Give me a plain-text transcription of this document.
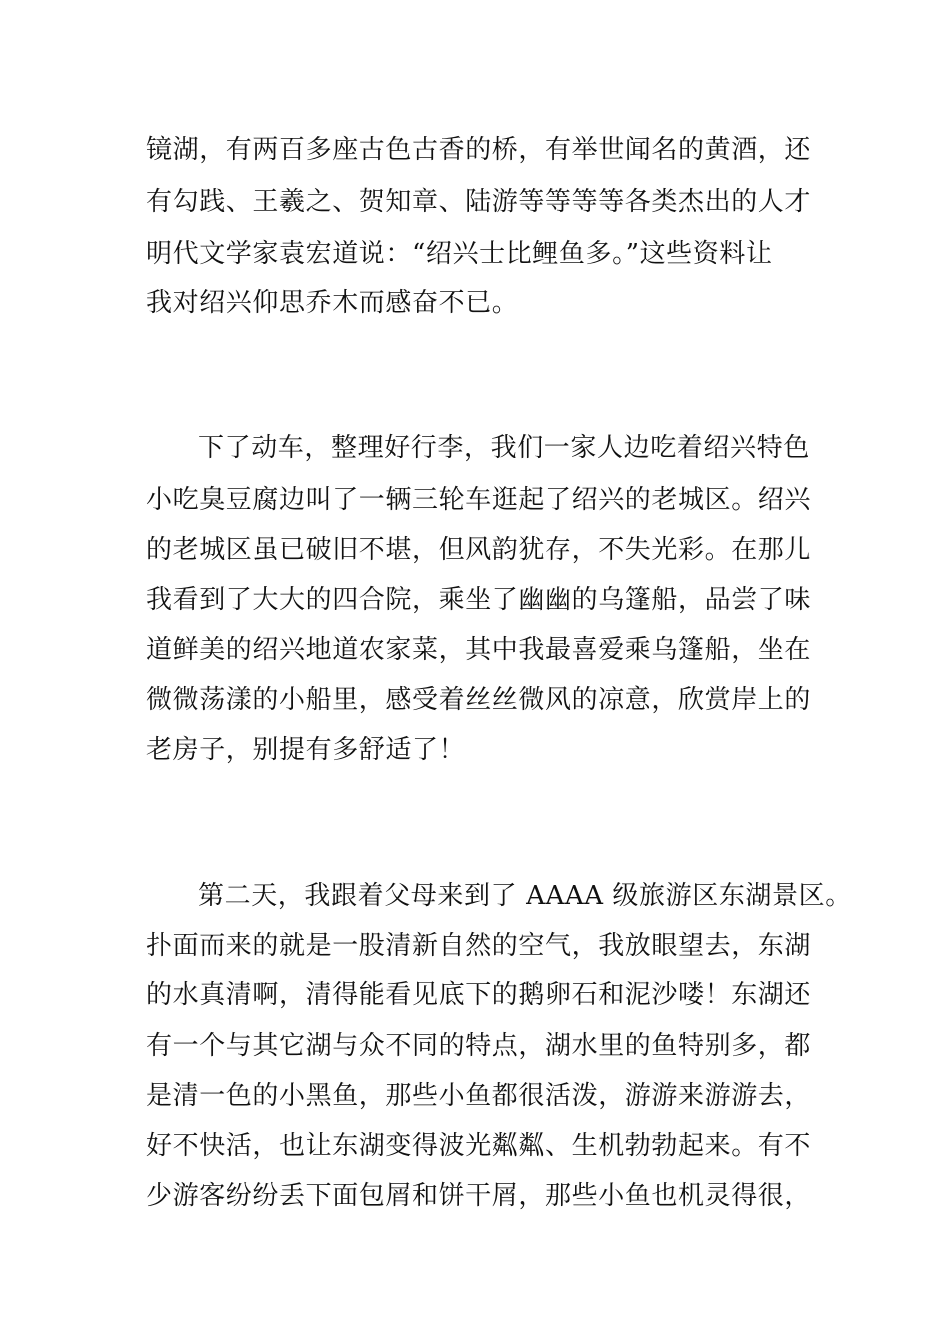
镜湖，有两百多座古色古香的桥，有举世闻名的黄酒，还
有勾践、王羲之、贺知章、陆游等等等等各类杰出的人才
明代文学家袁宏道说：“绍兴士比鲤鱼多。”这些资料让
我对绍兴仰思乔木而感奋不已。
下了动车，整理好行李，我们一家人边吃着绍兴特色
小吃臭豆腐边叫了一辆三轮车逛起了绍兴的老城区。绍兴
的老城区虽已破旧不堪，但风韵犹存，不失光彩。在那儿
我看到了大大的四合院，乘坐了幽幽的乌篷船，品尝了味
道鲜美的绍兴地道农家菜，其中我最喜爱乘乌篷船，坐在
微微荡漾的小船里，感受着丝丝微风的凉意，欣赏岸上的
老房子，别提有多舒适了！
第二天，我跟着父母来到了 AAAA 级旅游区东湖景区。
扑面而来的就是一股清新自然的空气，我放眼望去，东湖
的水真清啊，清得能看见底下的鹅卵石和泥沙喽！东湖还
有一个与其它湖与众不同的特点，湖水里的鱼特别多，都
是清一色的小黑鱼，那些小鱼都很活泼，游游来游游去，
好不快活，也让东湖变得波光粼粼、生机勃勃起来。有不
少游客纷纷丢下面包屑和饼干屑，那些小鱼也机灵得很，
